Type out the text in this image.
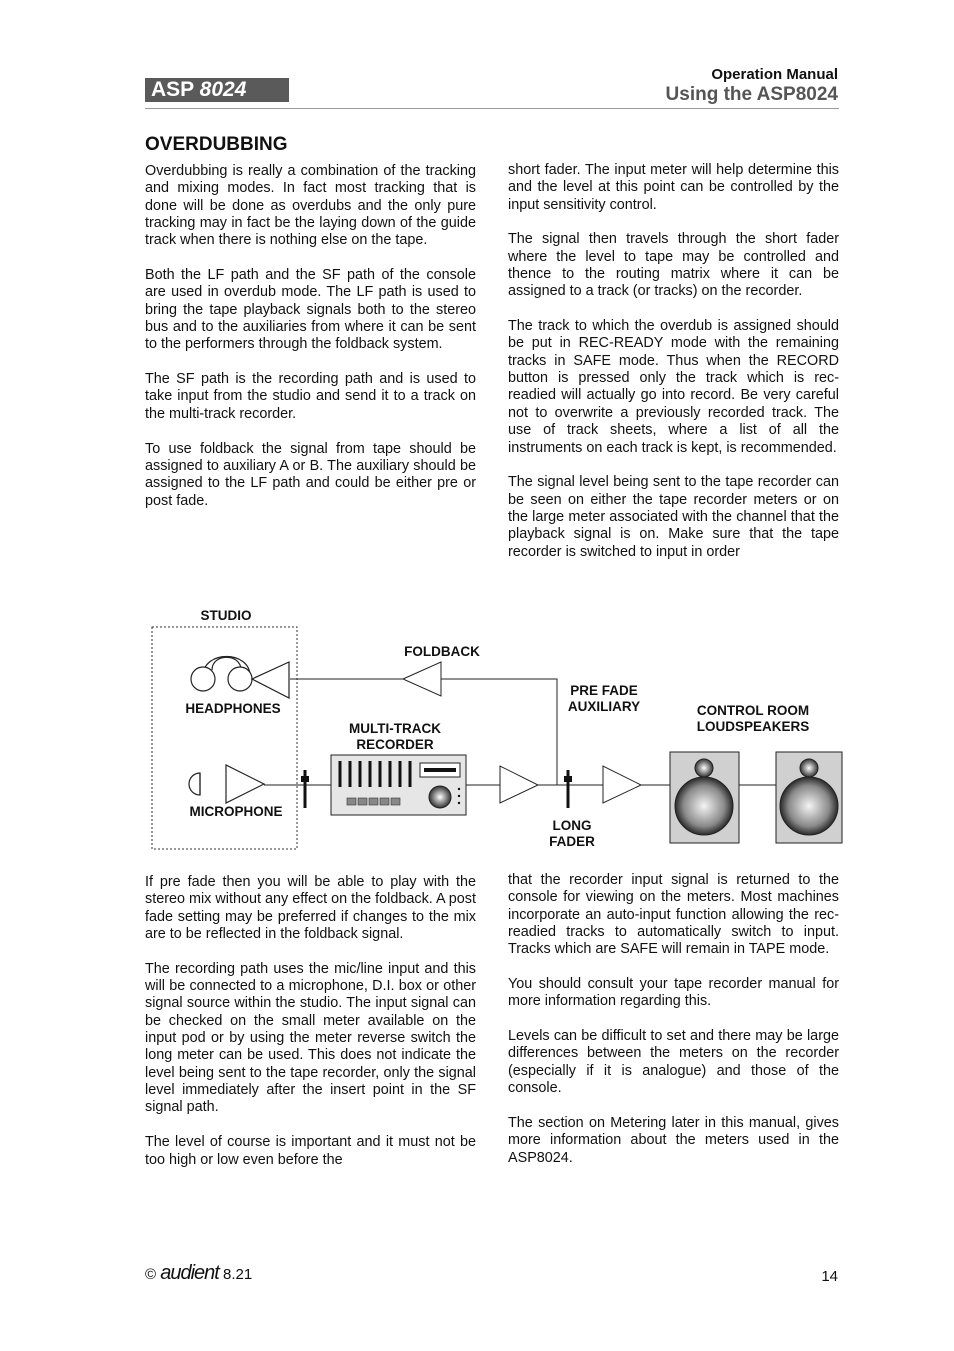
ASP 8024
Operation Manual
Using the ASP8024
OVERDUBBING

Overdubbing is really a combination of the tracking and mixing modes. In fact most tracking that is done will be done as overdubs and the only pure tracking may in fact be the laying down of the guide track when there is nothing else on the tape.

Both the LF path and the SF path of the console are used in overdub mode. The LF path is used to bring the tape playback signals both to the stereo bus and to the auxiliaries from where it can be sent to the performers through the foldback system.

The SF path is the recording path and is used to take input from the studio and send it to a track on the multi-track recorder.

To use foldback the signal from tape should be assigned to auxiliary A or B. The auxiliary should be assigned to the LF path and could be either pre or post fade.

short fader. The input meter will help determine this and the level at this point can be controlled by the input sensitivity control.

The signal then travels through the short fader where the level to tape may be controlled and thence to the routing matrix where it can be assigned to a track (or tracks) on the recorder.

The track to which the overdub is assigned should be put in REC-READY mode with the remaining tracks in SAFE mode. Thus when the RECORD button is pressed only the track which is rec-readied will actually go into record. Be very careful not to overwrite a previously recorded track. The use of track sheets, where a list of all the instruments on each track is kept, is recommended.

The signal level being sent to the tape recorder can be seen on either the tape recorder meters or on the large meter associated with the channel that the playback signal is on. Make sure that the tape recorder is switched to input in order

STUDIO
FOLDBACK
HEADPHONES
MICROPHONE
MULTI-TRACK
RECORDER
PRE FADE
AUXILIARY	CONTROL ROOM
LOUDSPEAKERS
LONG
FADER

If pre fade then you will be able to play with the stereo mix without any effect on the foldback. A post fade setting may be preferred if changes to the mix are to be reflected in the foldback signal.

The recording path uses the mic/line input and this will be connected to a microphone, D.I. box or other signal source within the studio. The input signal can be checked on the small meter available on the input pod or by using the meter reverse switch the long meter can be used. This does not indicate the level being sent to the tape recorder, only the signal level immediately after the insert point in the SF signal path.

The level of course is important and it must not be too high or low even before the

that the recorder input signal is returned to the console for viewing on the meters. Most machines incorporate an auto-input function allowing the rec-readied tracks to automatically switch to input. Tracks which are SAFE will remain in TAPE mode.

You should consult your tape recorder manual for more information regarding this.

Levels can be difficult to set and there may be large differences between the meters on the recorder (especially if it is analogue) and those of the console.

The section on Metering later in this manual, gives more information about the meters used in the ASP8024.

© audient 8.21	14
